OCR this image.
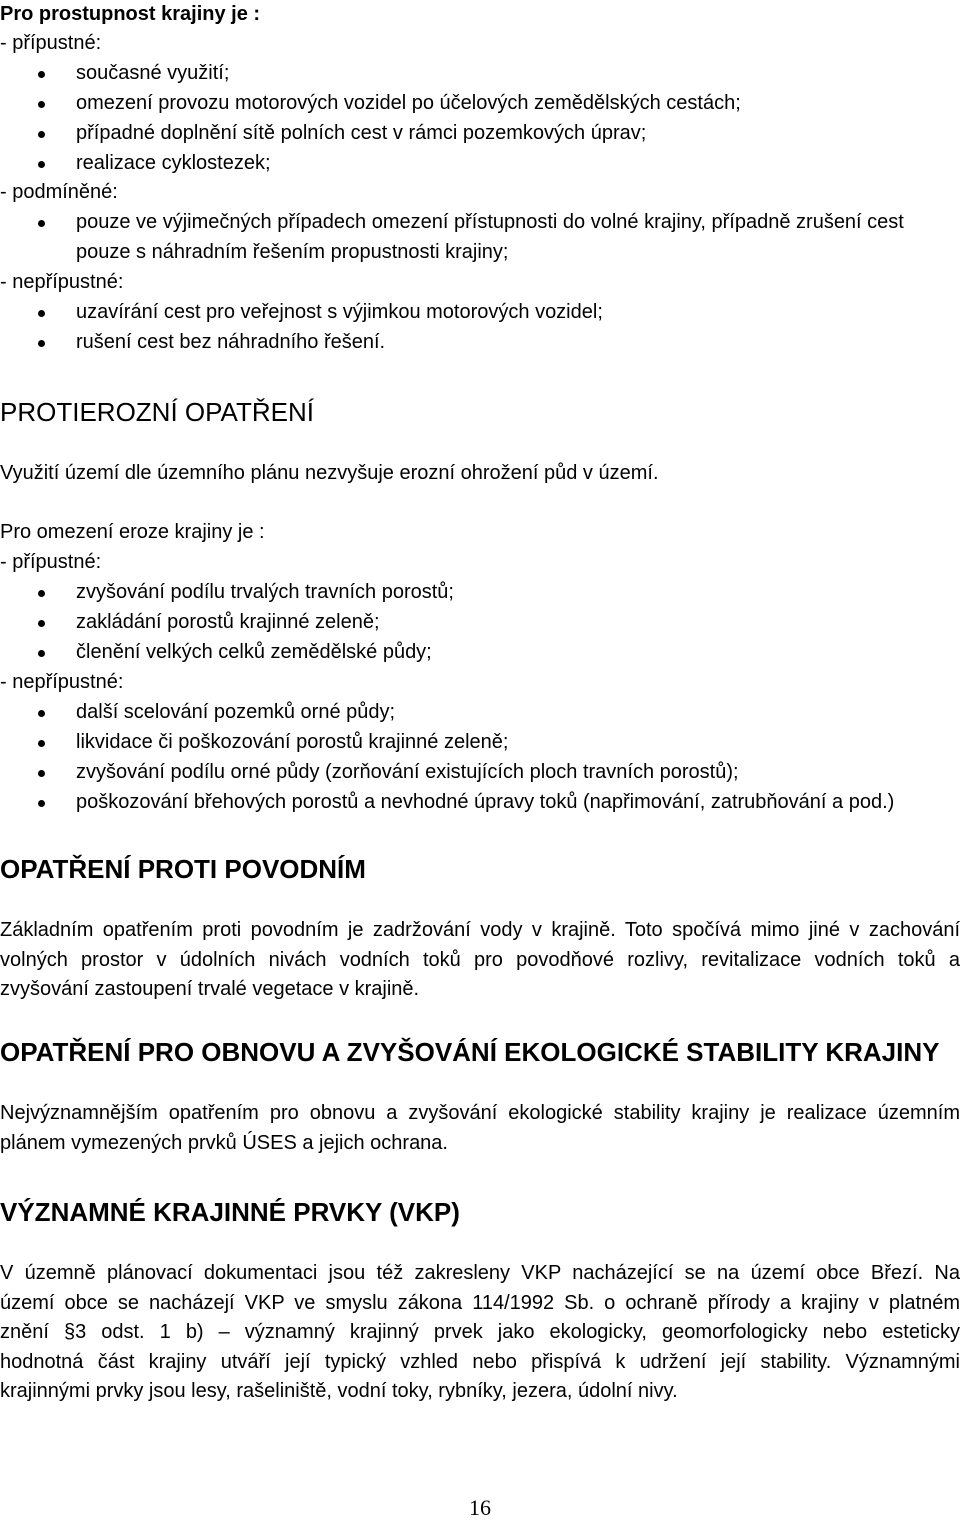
Pro prostupnost krajiny je :
- přípustné:
současné využití;
omezení provozu motorových vozidel po účelových zemědělských cestách;
případné doplnění sítě polních cest v rámci pozemkových úprav;
realizace cyklostezek;
- podmíněné:
pouze ve výjimečných případech omezení přístupnosti do volné krajiny, případně zrušení cest
pouze s náhradním řešením propustnosti krajiny;
- nepřípustné:
uzavírání cest pro veřejnost s výjimkou motorových vozidel;
rušení cest bez náhradního řešení.
PROTIEROZNÍ OPATŘENÍ
Využití území dle územního plánu nezvyšuje erozní ohrožení půd v území.
Pro omezení eroze krajiny je :
- přípustné:
zvyšování podílu trvalých travních porostů;
zakládání porostů krajinné zeleně;
členění velkých celků zemědělské půdy;
- nepřípustné:
další scelování pozemků orné půdy;
likvidace či poškozování porostů krajinné zeleně;
zvyšování podílu orné půdy (zorňování existujících ploch travních porostů);
poškozování břehových porostů a nevhodné úpravy toků (napřimování, zatrubňování a pod.)
OPATŘENÍ PROTI POVODNÍM
Základním opatřením proti povodním je zadržování vody v krajině. Toto spočívá mimo jiné v zachování
volných prostor v údolních nivách vodních toků pro povodňové rozlivy, revitalizace vodních toků a
zvyšování zastoupení trvalé vegetace v krajině.
OPATŘENÍ PRO OBNOVU A ZVYŠOVÁNÍ EKOLOGICKÉ STABILITY KRAJINY
Nejvýznamnějším opatřením pro obnovu a zvyšování ekologické stability krajiny je realizace územním
plánem vymezených prvků ÚSES a jejich ochrana.
VÝZNAMNÉ KRAJINNÉ PRVKY (VKP)
V územně plánovací dokumentaci jsou též zakresleny VKP nacházející se na území obce Březí. Na
území obce se nacházejí VKP ve smyslu zákona 114/1992 Sb. o ochraně přírody a krajiny v platném
znění §3 odst. 1 b) – významný krajinný prvek jako ekologicky, geomorfologicky nebo esteticky
hodnotná část krajiny utváří její typický vzhled nebo přispívá k udržení její stability. Významnými
krajinnými prvky jsou lesy, rašeliniště, vodní toky, rybníky, jezera, údolní nivy.
16
